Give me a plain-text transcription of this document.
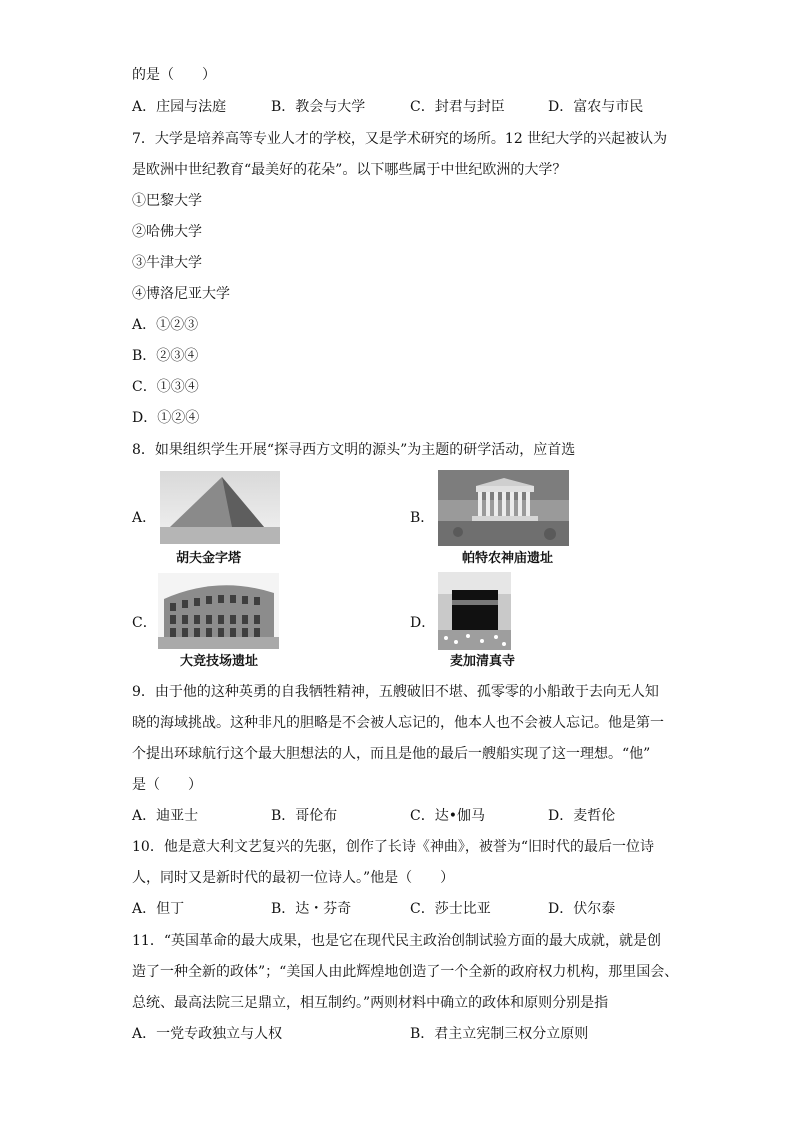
的是（　　）
A．庄园与法庭	B．教会与大学	C．封君与封臣	D．富农与市民
7．大学是培养高等专业人才的学校，又是学术研究的场所。12 世纪大学的兴起被认为
是欧洲中世纪教育“最美好的花朵”。以下哪些属于中世纪欧洲的大学？
①巴黎大学
②哈佛大学
③牛津大学
④博洛尼亚大学
A．①②③
B．②③④
C．①③④
D．①②④
8．如果组织学生开展“探寻西方文明的源头”为主题的研学活动，应首选
A．
胡夫金字塔
B．
帕特农神庙遗址
C．
大竞技场遗址
D．
麦加清真寺
9．由于他的这种英勇的自我牺牲精神，五艘破旧不堪、孤零零的小船敢于去向无人知
晓的海域挑战。这种非凡的胆略是不会被人忘记的，他本人也不会被人忘记。他是第一
个提出环球航行这个最大胆想法的人，而且是他的最后一艘船实现了这一理想。“他”
是（　　）
A．迪亚士	B．哥伦布	C．达•伽马	D．麦哲伦
10．他是意大利文艺复兴的先驱，创作了长诗《神曲》，被誉为“旧时代的最后一位诗
人，同时又是新时代的最初一位诗人。”他是（　　）
A．但丁	B．达・芬奇	C．莎士比亚	D．伏尔泰
11．“英国革命的最大成果，也是它在现代民主政治创制试验方面的最大成就，就是创
造了一种全新的政体”；“美国人由此辉煌地创造了一个全新的政府权力机构，那里国会、
总统、最高法院三足鼎立，相互制约。”两则材料中确立的政体和原则分别是指
A．一党专政独立与人权	B．君主立宪制三权分立原则
